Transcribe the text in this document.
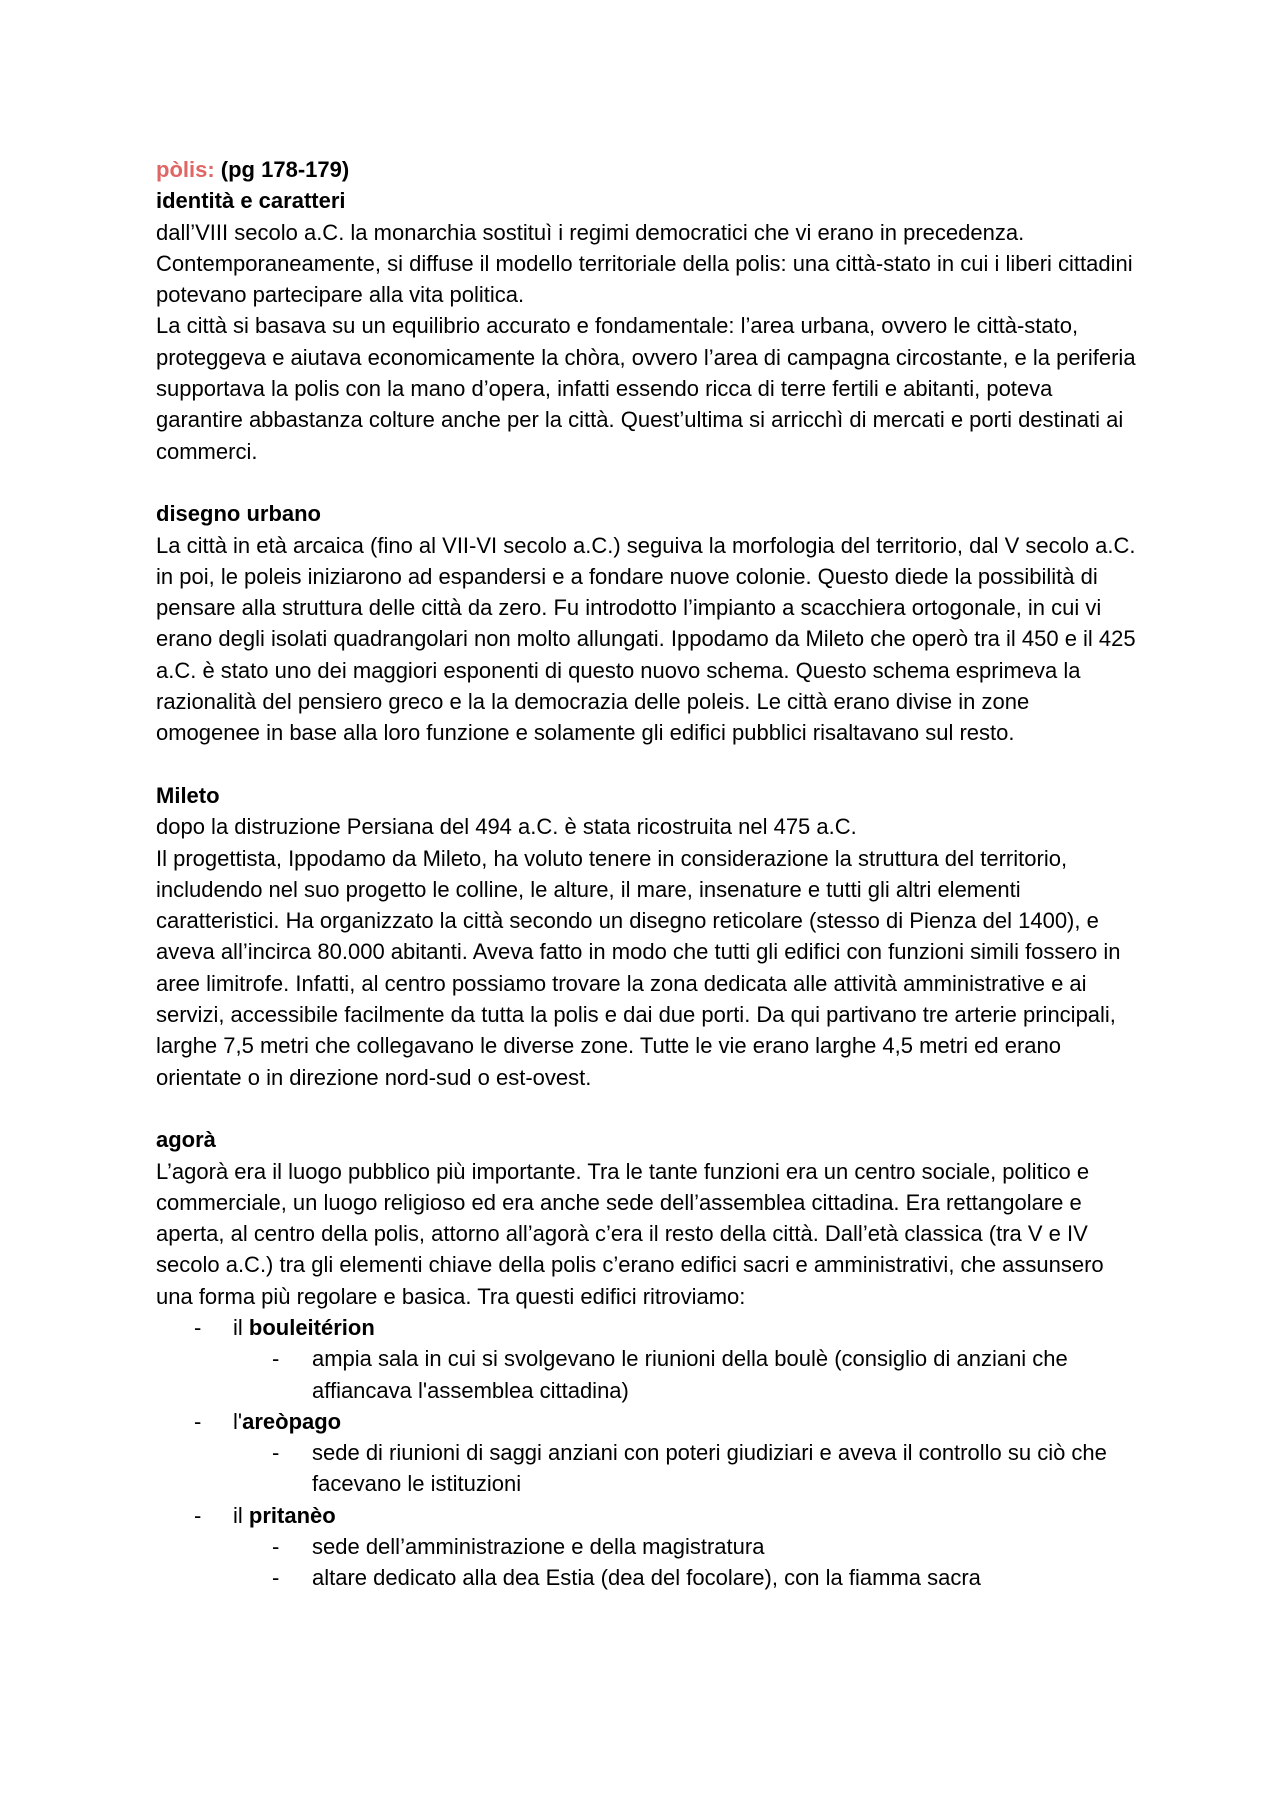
pòlis: (pg 178-179)

identità e caratteri

dall’VIII secolo a.C. la monarchia sostituì i regimi democratici che vi erano in precedenza. Contemporaneamente, si diffuse il modello territoriale della polis: una città-stato in cui i liberi cittadini potevano partecipare alla vita politica.

La città si basava su un equilibrio accurato e fondamentale: l’area urbana, ovvero le città-stato, proteggeva e aiutava economicamente la chòra, ovvero l’area di campagna circostante, e la periferia supportava la polis con la mano d’opera, infatti essendo ricca di terre fertili e abitanti, poteva garantire abbastanza colture anche per la città. Quest’ultima si arricchì di mercati e porti destinati ai commerci.

disegno urbano

La città in età arcaica (fino al VII-VI secolo a.C.) seguiva la morfologia del territorio, dal V secolo a.C. in poi, le poleis iniziarono ad espandersi e a fondare nuove colonie. Questo diede la possibilità di pensare alla struttura delle città da zero. Fu introdotto l’impianto a scacchiera ortogonale, in cui vi erano degli isolati quadrangolari non molto allungati. Ippodamo da Mileto che operò tra il 450 e il 425 a.C. è stato uno dei maggiori esponenti di questo nuovo schema. Questo schema esprimeva la razionalità del pensiero greco e la la democrazia delle poleis. Le città erano divise in zone omogenee in base alla loro funzione e solamente gli edifici pubblici risaltavano sul resto.

Mileto

dopo la distruzione Persiana del 494 a.C. è stata ricostruita nel 475 a.C.

Il progettista, Ippodamo da Mileto, ha voluto tenere in considerazione la struttura del territorio, includendo nel suo progetto le colline, le alture, il mare, insenature e tutti gli altri elementi caratteristici. Ha organizzato la città secondo un disegno reticolare (stesso di Pienza del 1400), e aveva all’incirca 80.000 abitanti. Aveva fatto in modo che tutti gli edifici con funzioni simili fossero in aree limitrofe. Infatti, al centro possiamo trovare la zona dedicata alle attività amministrative e ai servizi, accessibile facilmente da tutta la polis e dai due porti. Da qui partivano tre arterie principali, larghe 7,5 metri che collegavano le diverse zone. Tutte le vie erano larghe 4,5 metri ed erano orientate o in direzione nord-sud o est-ovest.

agorà

L’agorà era il luogo pubblico più importante. Tra le tante funzioni era un centro sociale, politico e commerciale, un luogo religioso ed era anche sede dell’assemblea cittadina. Era rettangolare e aperta, al centro della polis, attorno all’agorà c’era il resto della città. Dall’età classica (tra V e IV secolo a.C.) tra gli elementi chiave della polis c’erano edifici sacri e amministrativi, che assunsero una forma più regolare e basica. Tra questi edifici ritroviamo:

- il bouleitérion
- ampia sala in cui si svolgevano le riunioni della boulè (consiglio di anziani che affiancava l'assemblea cittadina)
- l'areòpago
- sede di riunioni di saggi anziani con poteri giudiziari e aveva il controllo su ciò che facevano le istituzioni
- il pritanèo
- sede dell’amministrazione e della magistratura
- altare dedicato alla dea Estia (dea del focolare), con la fiamma sacra
